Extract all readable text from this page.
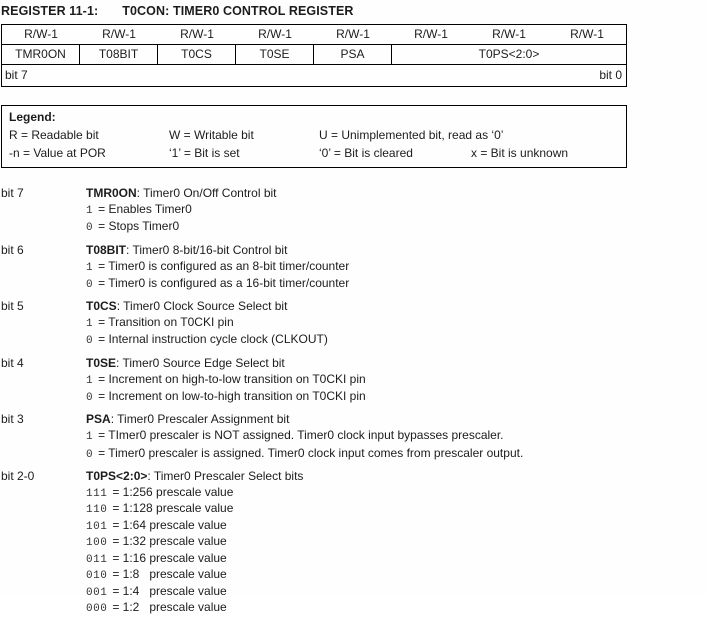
REGISTER 11-1: T0CON: TIMER0 CONTROL REGISTER
R/W-1	R/W-1	R/W-1	R/W-1	R/W-1	R/W-1	R/W-1	R/W-1
TMR0ON	T08BIT	T0CS	T0SE	PSA	T0PS<2:0>
bit 7	bit 0
Legend:
R = Readable bit	W = Writable bit	U = Unimplemented bit, read as ‘0’
-n = Value at POR	‘1’ = Bit is set	‘0’ = Bit is cleared	x = Bit is unknown
bit 7	TMR0ON: Timer0 On/Off Control bit
1 = Enables Timer0
0 = Stops Timer0
bit 6	T08BIT: Timer0 8-bit/16-bit Control bit
1 = Timer0 is configured as an 8-bit timer/counter
0 = Timer0 is configured as a 16-bit timer/counter
bit 5	T0CS: Timer0 Clock Source Select bit
1 = Transition on T0CKI pin
0 = Internal instruction cycle clock (CLKOUT)
bit 4	T0SE: Timer0 Source Edge Select bit
1 = Increment on high-to-low transition on T0CKI pin
0 = Increment on low-to-high transition on T0CKI pin
bit 3	PSA: Timer0 Prescaler Assignment bit
1 = TImer0 prescaler is NOT assigned. Timer0 clock input bypasses prescaler.
0 = Timer0 prescaler is assigned. Timer0 clock input comes from prescaler output.
bit 2-0	T0PS<2:0>: Timer0 Prescaler Select bits
111 = 1:256 prescale value
110 = 1:128 prescale value
101 = 1:64 prescale value
100 = 1:32 prescale value
011 = 1:16 prescale value
010 = 1:8   prescale value
001 = 1:4   prescale value
000 = 1:2   prescale value
